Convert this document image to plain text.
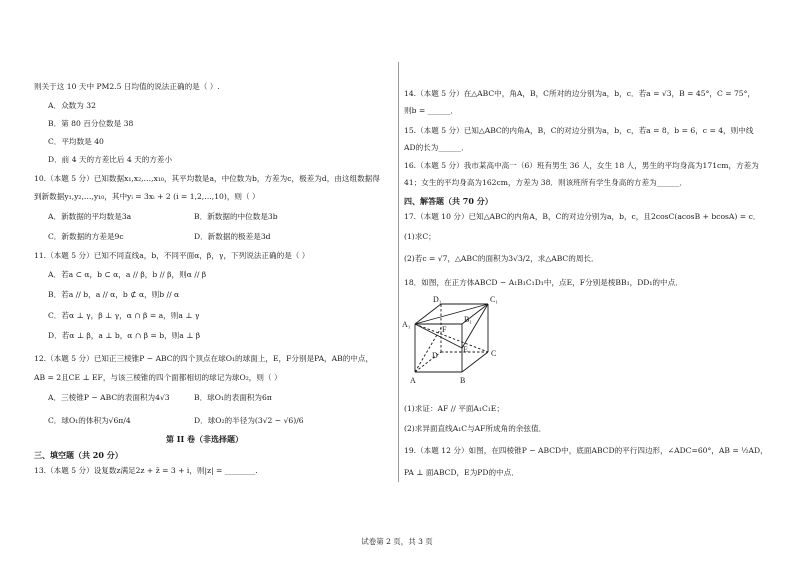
则关于这 10 天中 PM2.5 日均值的说法正确的是（ ）.
A．众数为 32
B．第 80 百分位数是 38
C．平均数是 40
D．前 4 天的方差比后 4 天的方差小
10.（本题 5 分）已知数据x₁,x₂,…,x₁₀，其平均数是a，中位数为b，方差为c，极差为d，由这组数据得
到新数据y₁,y₂,…,y₁₀，其中yᵢ = 3xᵢ + 2 (i = 1,2,…,10)，则（ ）
A．新数据的平均数是3a	B．新数据的中位数是3b
C．新数据的方差是9c	D．新数据的极差是3d
11.（本题 5 分）已知不同直线a，b，不同平面α，β，γ，下列说法正确的是（ ）
A．若a ⊂ α，b ⊂ α，a // β，b // β，则α // β
B．若a // b，a // α，b ⊄ α，则b // α
C．若α ⊥ γ，β ⊥ γ，α ∩ β = a，则a ⊥ γ
D．若α ⊥ β，a ⊥ b，α ∩ β = b，则a ⊥ β
12.（本题 5 分）已知正三棱锥P − ABC的四个顶点在球O₁的球面上，E，F分别是PA，AB的中点，
AB = 2且CE ⊥ EF，与该三棱锥的四个面都相切的球记为球O₂，则（ ）
A．三棱锥P − ABC的表面积为4√3	B．球O₁的表面积为6π
C．球O₁的体积为√6π/4	D．球O₂的半径为(3√2 − √6)/6
第 II 卷（非选择题）
三、填空题（共 20 分）
13.（本题 5 分）设复数z满足2z + z̄ = 3 + i，则|z| = ________.
14.（本题 5 分）在△ABC中，角A，B，C所对的边分别为a，b，c．若a = √3，B = 45°，C = 75°，
则b = ______．
15.（本题 5 分）已知△ABC的内角A，B，C的对边分别为a，b，c，若a = 8，b = 6，c = 4，则中线
AD的长为______．
16.（本题 5 分）我市某高中高一（6）班有男生 36 人，女生 18 人，男生的平均身高为171cm，方差为
41；女生的平均身高为162cm，方差为 38．则该班所有学生身高的方差为______．
四、解答题（共 70 分）
17.（本题 10 分）已知△ABC的内角A，B，C的对边分别为a，b，c，且2cosC(acosB + bcosA) = c．
(1)求C；
(2)若c = √7，△ABC的面积为3√3/2，求△ABC的周长．
18．如图，在正方体ABCD − A₁B₁C₁D₁中，点E，F分别是棱BB₁，DD₁的中点．
D₁	C₁
A₁
B₁
F
D
E	C
A	B
(1)求证：AF // 平面A₁C₁E；
(2)求异面直线A₁C与AF所成角的余弦值．
19.（本题 12 分）如图，在四棱锥P − ABCD中，底面ABCD的平行四边形，∠ADC=60°，AB = ½AD，
PA ⊥ 面ABCD，E为PD的中点．
试卷第 2 页，共 3 页
